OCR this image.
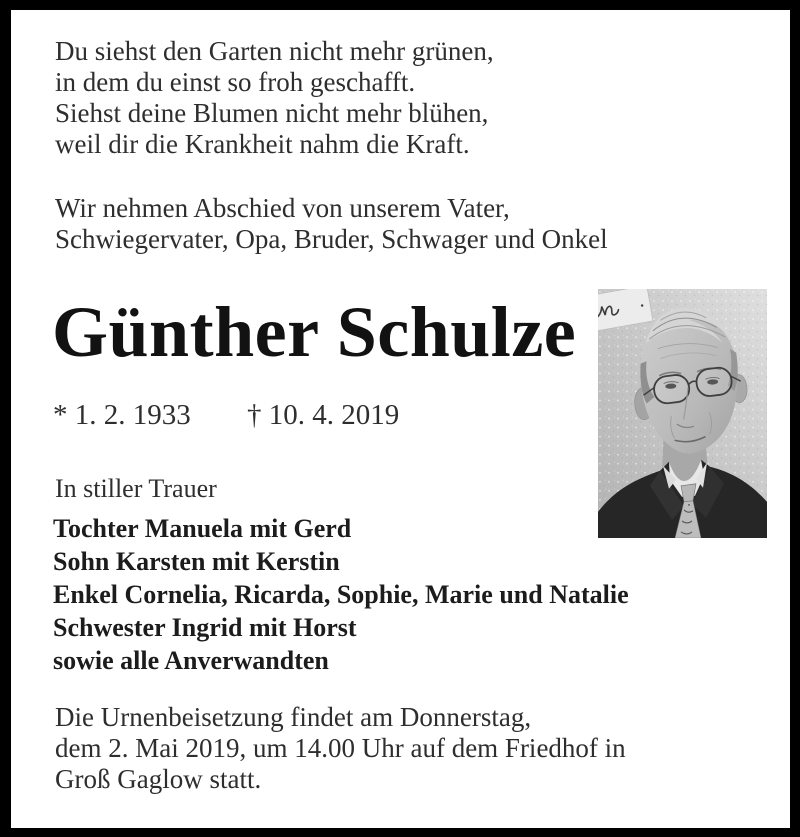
Du siehst den Garten nicht mehr grünen,
in dem du einst so froh geschafft.
Siehst deine Blumen nicht mehr blühen,
weil dir die Krankheit nahm die Kraft.
Wir nehmen Abschied von unserem Vater,
Schwiegervater, Opa, Bruder, Schwager und Onkel
Günther Schulze
* 1. 2. 1933 † 10. 4. 2019
In stiller Trauer
Tochter Manuela mit Gerd
Sohn Karsten mit Kerstin
Enkel Cornelia, Ricarda, Sophie, Marie und Natalie
Schwester Ingrid mit Horst
sowie alle Anverwandten
Die Urnenbeisetzung findet am Donnerstag,
dem 2. Mai 2019, um 14.00 Uhr auf dem Friedhof in
Groß Gaglow statt.
